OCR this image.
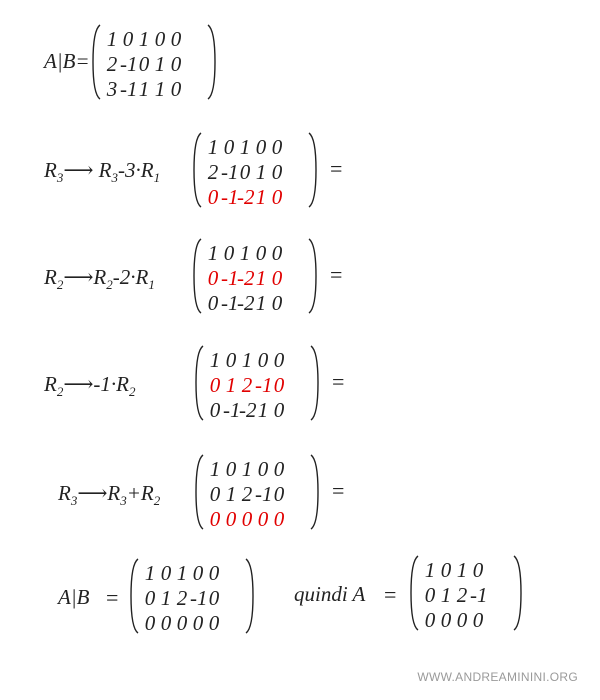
A|B=
1 0 1 0 0
2 -1 0 1 0
3 -1 1 1 0
$R_3⟶$ $R_3-3\cdot R_1$
1 0 1 0 0
2 -1 0 1 0
0 -1
-2 1 0
=
$R_2⟶R_2-2\cdot R_1$
1 0 1 0 0
0 -1
-2 1 0
0 -1
-2 1 0
=
$R_2⟶-1\cdot R_2$
1 0 1 0 0
0 1 2 -1 0
0 -1
-2 1 0
=
$R_3⟶R_3+R_2$
1 0 1 0 0
0 1 2 -1 0
0 0 0 0 0
=
A|B =
1 0 1 0 0
0 1 2 -1 0
0 0 0 0 0
quindi A =
1 0 1 0
0 1 2 -1
0 0 0 0
WWW.ANDREAMININI.ORG
